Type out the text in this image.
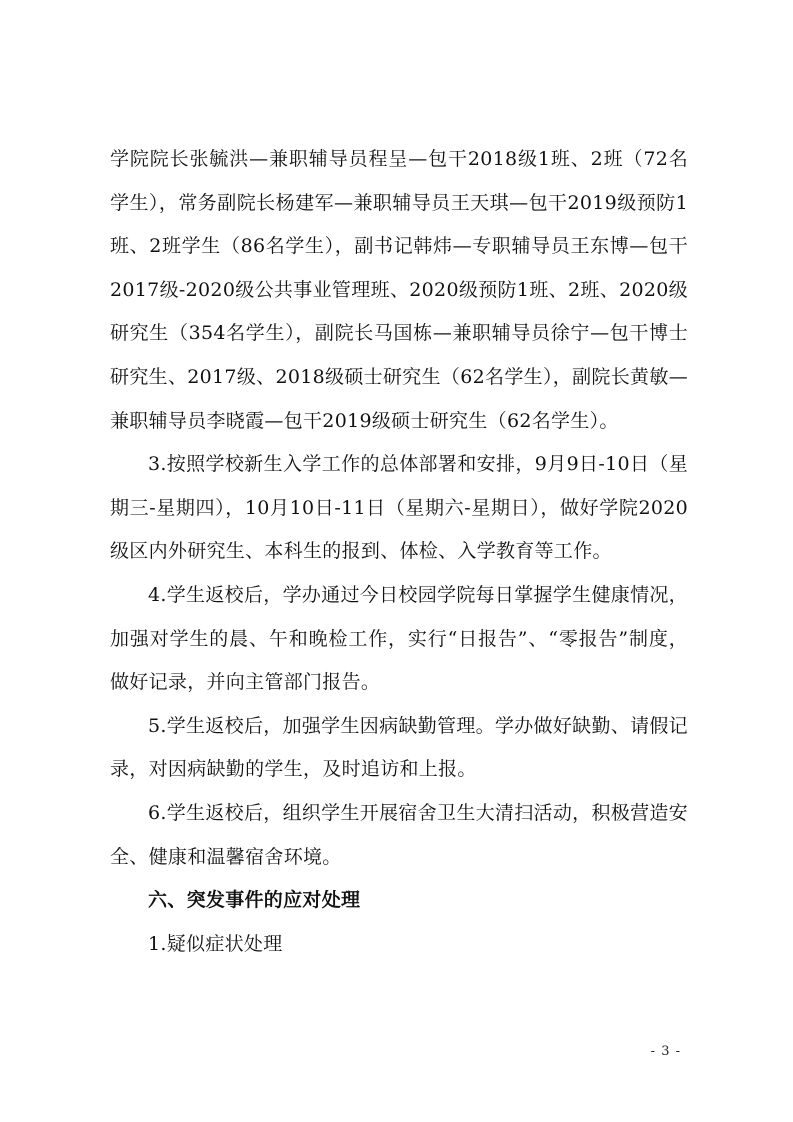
学院院长张毓洪—兼职辅导员程呈—包干2018级1班、2班（72名学生），常务副院长杨建军—兼职辅导员王天琪—包干2019级预防1班、2班学生（86名学生），副书记韩炜—专职辅导员王东博—包干2017级-2020级公共事业管理班、2020级预防1班、2班、2020级研究生（354名学生），副院长马国栋—兼职辅导员徐宁—包干博士研究生、2017级、2018级硕士研究生（62名学生），副院长黄敏—兼职辅导员李晓霞—包干2019级硕士研究生（62名学生）。

3.按照学校新生入学工作的总体部署和安排，9月9日-10日（星期三-星期四），10月10日-11日（星期六-星期日），做好学院2020级区内外研究生、本科生的报到、体检、入学教育等工作。

4.学生返校后，学办通过今日校园学院每日掌握学生健康情况，加强对学生的晨、午和晚检工作，实行“日报告”、“零报告”制度，做好记录，并向主管部门报告。

5.学生返校后，加强学生因病缺勤管理。学办做好缺勤、请假记录，对因病缺勤的学生，及时追访和上报。

6.学生返校后，组织学生开展宿舍卫生大清扫活动，积极营造安全、健康和温馨宿舍环境。

六、突发事件的应对处理

1.疑似症状处理

- 3 -
